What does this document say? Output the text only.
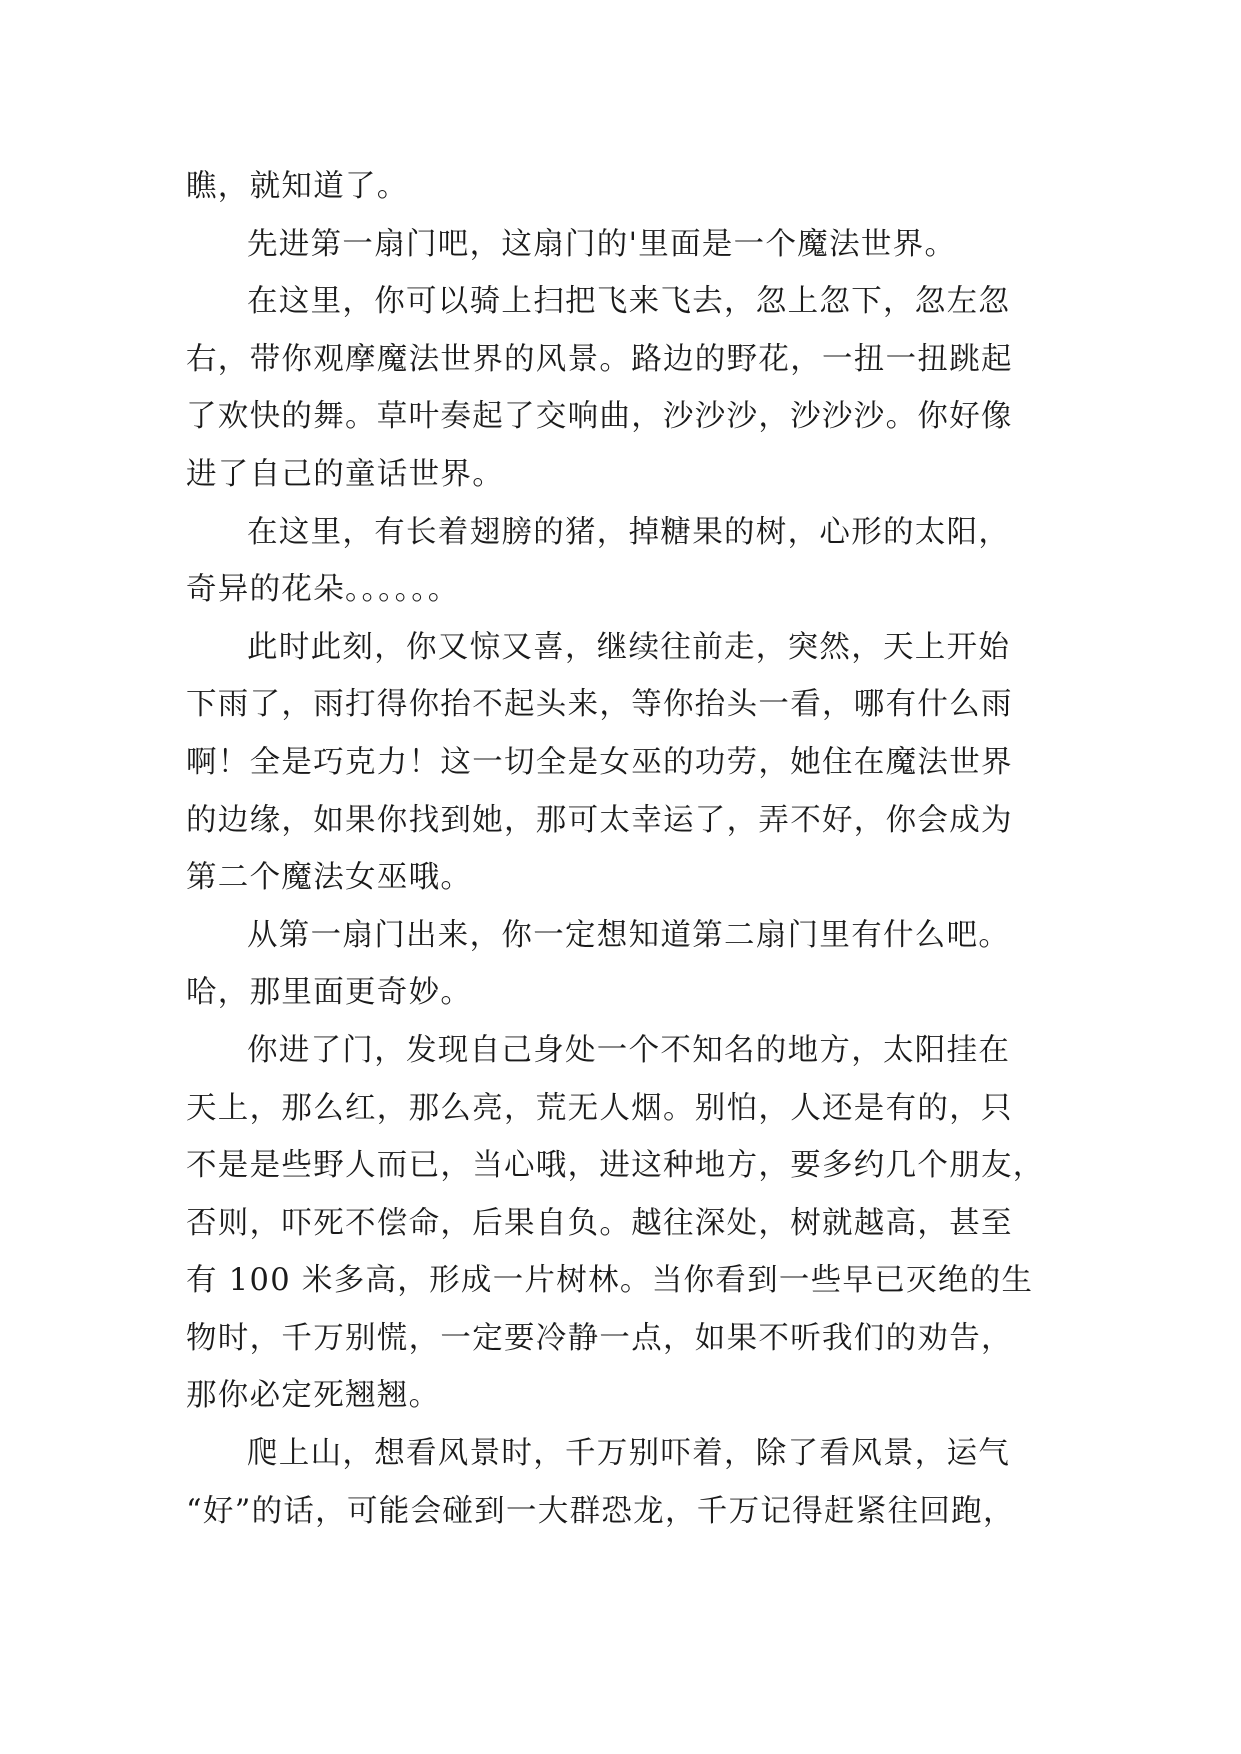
瞧，就知道了。

先进第一扇门吧，这扇门的'里面是一个魔法世界。

在这里，你可以骑上扫把飞来飞去，忽上忽下，忽左忽
右，带你观摩魔法世界的风景。路边的野花，一扭一扭跳起
了欢快的舞。草叶奏起了交响曲，沙沙沙，沙沙沙。你好像
进了自己的童话世界。

在这里，有长着翅膀的猪，掉糖果的树，心形的太阳，
奇异的花朵。。。。。。

此时此刻，你又惊又喜，继续往前走，突然，天上开始
下雨了，雨打得你抬不起头来，等你抬头一看，哪有什么雨
啊！全是巧克力！这一切全是女巫的功劳，她住在魔法世界
的边缘，如果你找到她，那可太幸运了，弄不好，你会成为
第二个魔法女巫哦。

从第一扇门出来，你一定想知道第二扇门里有什么吧。
哈，那里面更奇妙。

你进了门，发现自己身处一个不知名的地方，太阳挂在
天上，那么红，那么亮，荒无人烟。别怕，人还是有的，只
不是是些野人而已，当心哦，进这种地方，要多约几个朋友，
否则，吓死不偿命，后果自负。越往深处，树就越高，甚至
有 100 米多高，形成一片树林。当你看到一些早已灭绝的生
物时，千万别慌，一定要冷静一点，如果不听我们的劝告，
那你必定死翘翘。

爬上山，想看风景时，千万别吓着，除了看风景，运气
“好”的话，可能会碰到一大群恐龙，千万记得赶紧往回跑，
